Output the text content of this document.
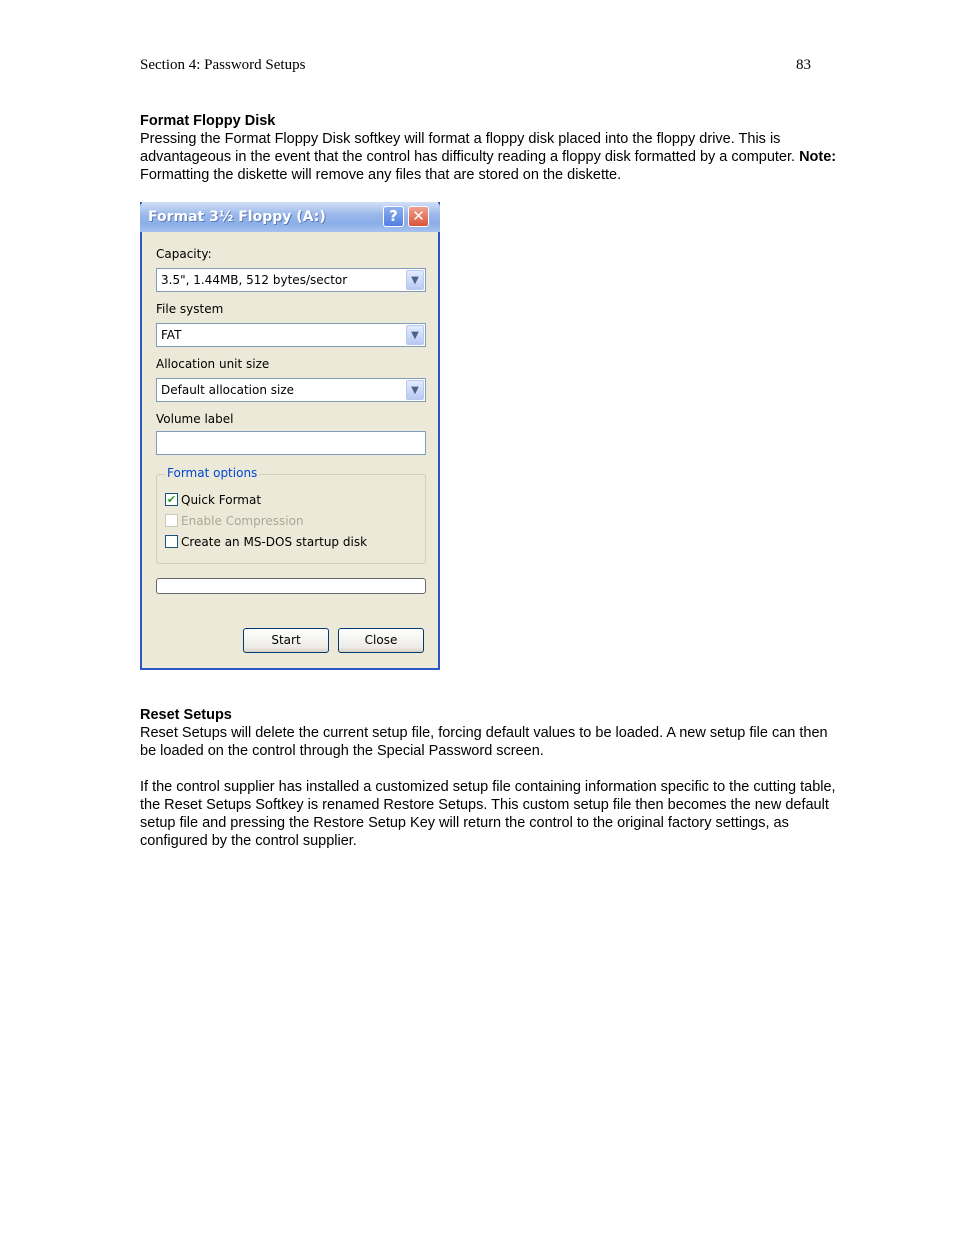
Section 4: Password Setups	83
Format Floppy Disk
Pressing the Format Floppy Disk softkey will format a floppy disk placed into the floppy drive. This is advantageous in the event that the control has difficulty reading a floppy disk formatted by a computer. Note: Formatting the diskette will remove any files that are stored on the diskette.
Format 3½ Floppy (A:)	? ✕
Capacity:
3.5", 1.44MB, 512 bytes/sector	▼
File system
FAT	▼
Allocation unit size
Default allocation size	▼
Volume label
Format options
✔ Quick Format
Enable Compression
Create an MS-DOS startup disk
Start	Close
Reset Setups
Reset Setups will delete the current setup file, forcing default values to be loaded. A new setup file can then be loaded on the control through the Special Password screen.
If the control supplier has installed a customized setup file containing information specific to the cutting table, the Reset Setups Softkey is renamed Restore Setups. This custom setup file then becomes the new default setup file and pressing the Restore Setup Key will return the control to the original factory settings, as configured by the control supplier.
